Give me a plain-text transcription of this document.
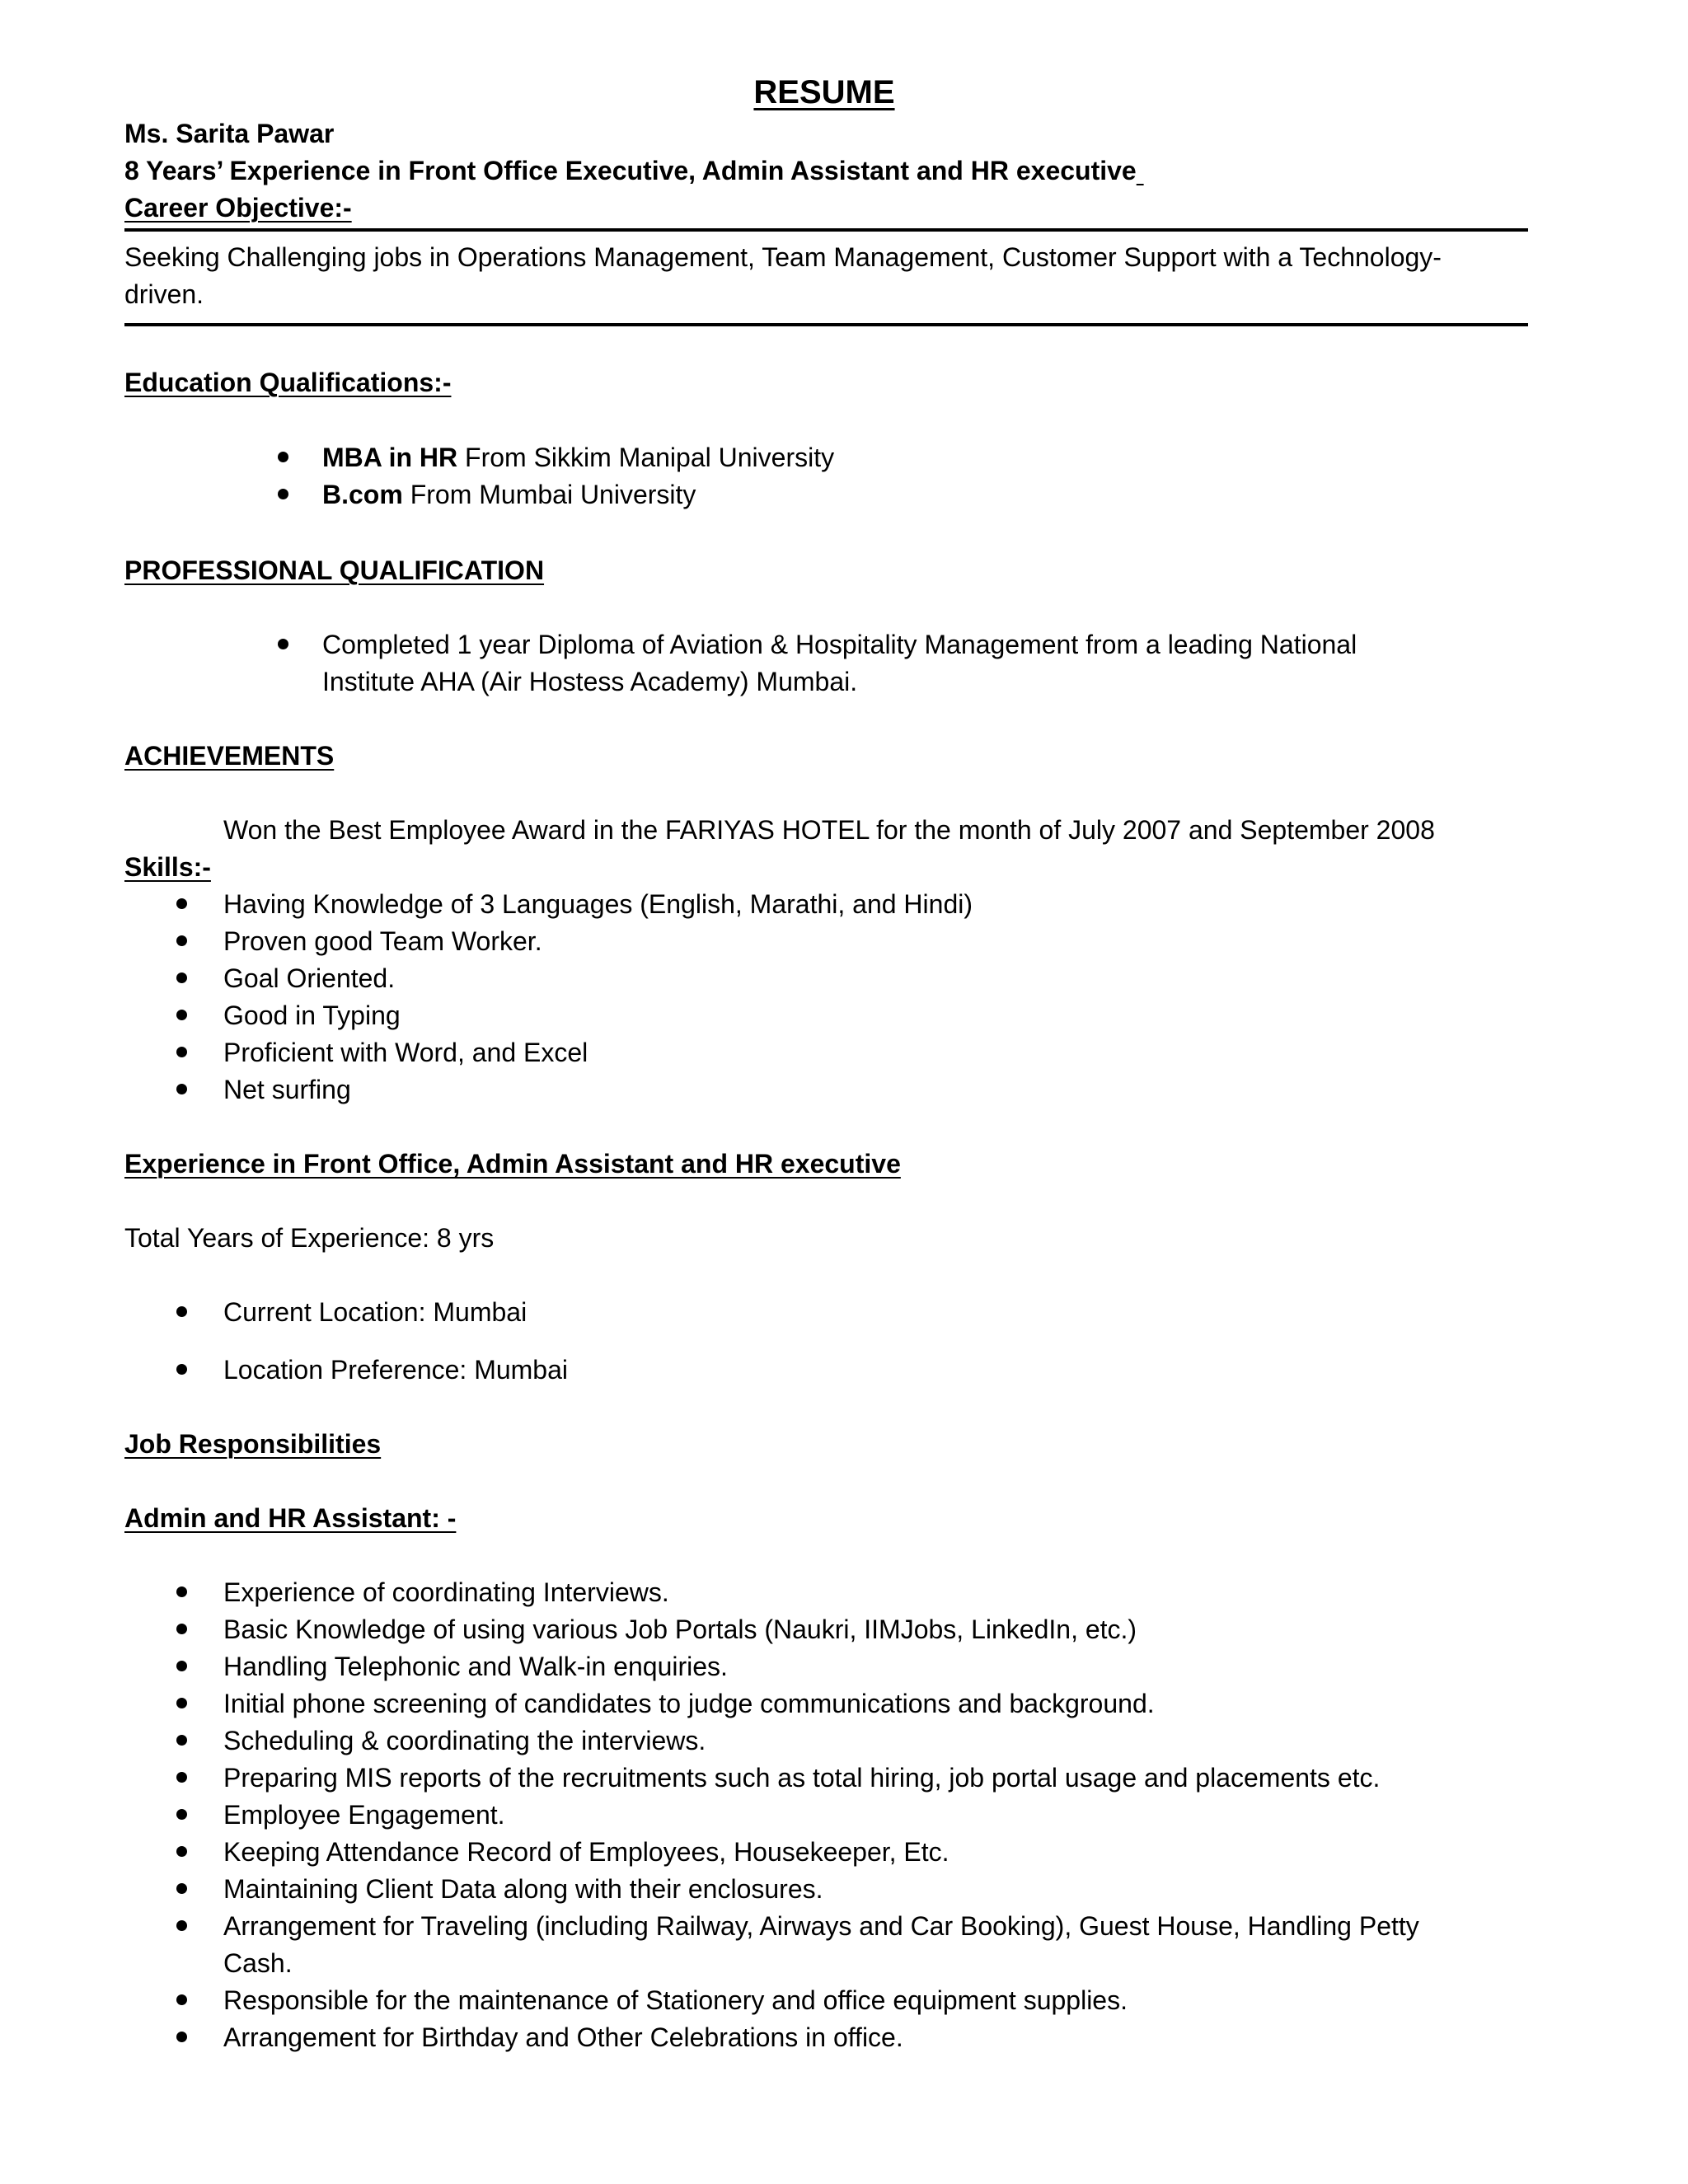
RESUME
Ms. Sarita Pawar
8 Years’ Experience in Front Office Executive, Admin Assistant and HR executive
Career Objective:-
Seeking Challenging jobs in Operations Management, Team Management, Customer Support with a Technology-
driven.
Education Qualifications:-
MBA in HR From Sikkim Manipal University
B.com From Mumbai University
PROFESSIONAL QUALIFICATION
Completed 1 year Diploma of Aviation & Hospitality Management from a leading National
Institute AHA (Air Hostess Academy) Mumbai.
ACHIEVEMENTS
Won the Best Employee Award in the FARIYAS HOTEL for the month of July 2007 and September 2008
Skills:-
Having Knowledge of 3 Languages (English, Marathi, and Hindi)
Proven good Team Worker.
Goal Oriented.
Good in Typing
Proficient with Word, and Excel
Net surfing
Experience in Front Office, Admin Assistant and HR executive
Total Years of Experience: 8 yrs
Current Location: Mumbai
Location Preference: Mumbai
Job Responsibilities
Admin and HR Assistant: -
Experience of coordinating Interviews.
Basic Knowledge of using various Job Portals (Naukri, IIMJobs, LinkedIn, etc.)
Handling Telephonic and Walk-in enquiries.
Initial phone screening of candidates to judge communications and background.
Scheduling & coordinating the interviews.
Preparing MIS reports of the recruitments such as total hiring, job portal usage and placements etc.
Employee Engagement.
Keeping Attendance Record of Employees, Housekeeper, Etc.
Maintaining Client Data along with their enclosures.
Arrangement for Traveling (including Railway, Airways and Car Booking), Guest House, Handling Petty
Cash.
Responsible for the maintenance of Stationery and office equipment supplies.
Arrangement for Birthday and Other Celebrations in office.
